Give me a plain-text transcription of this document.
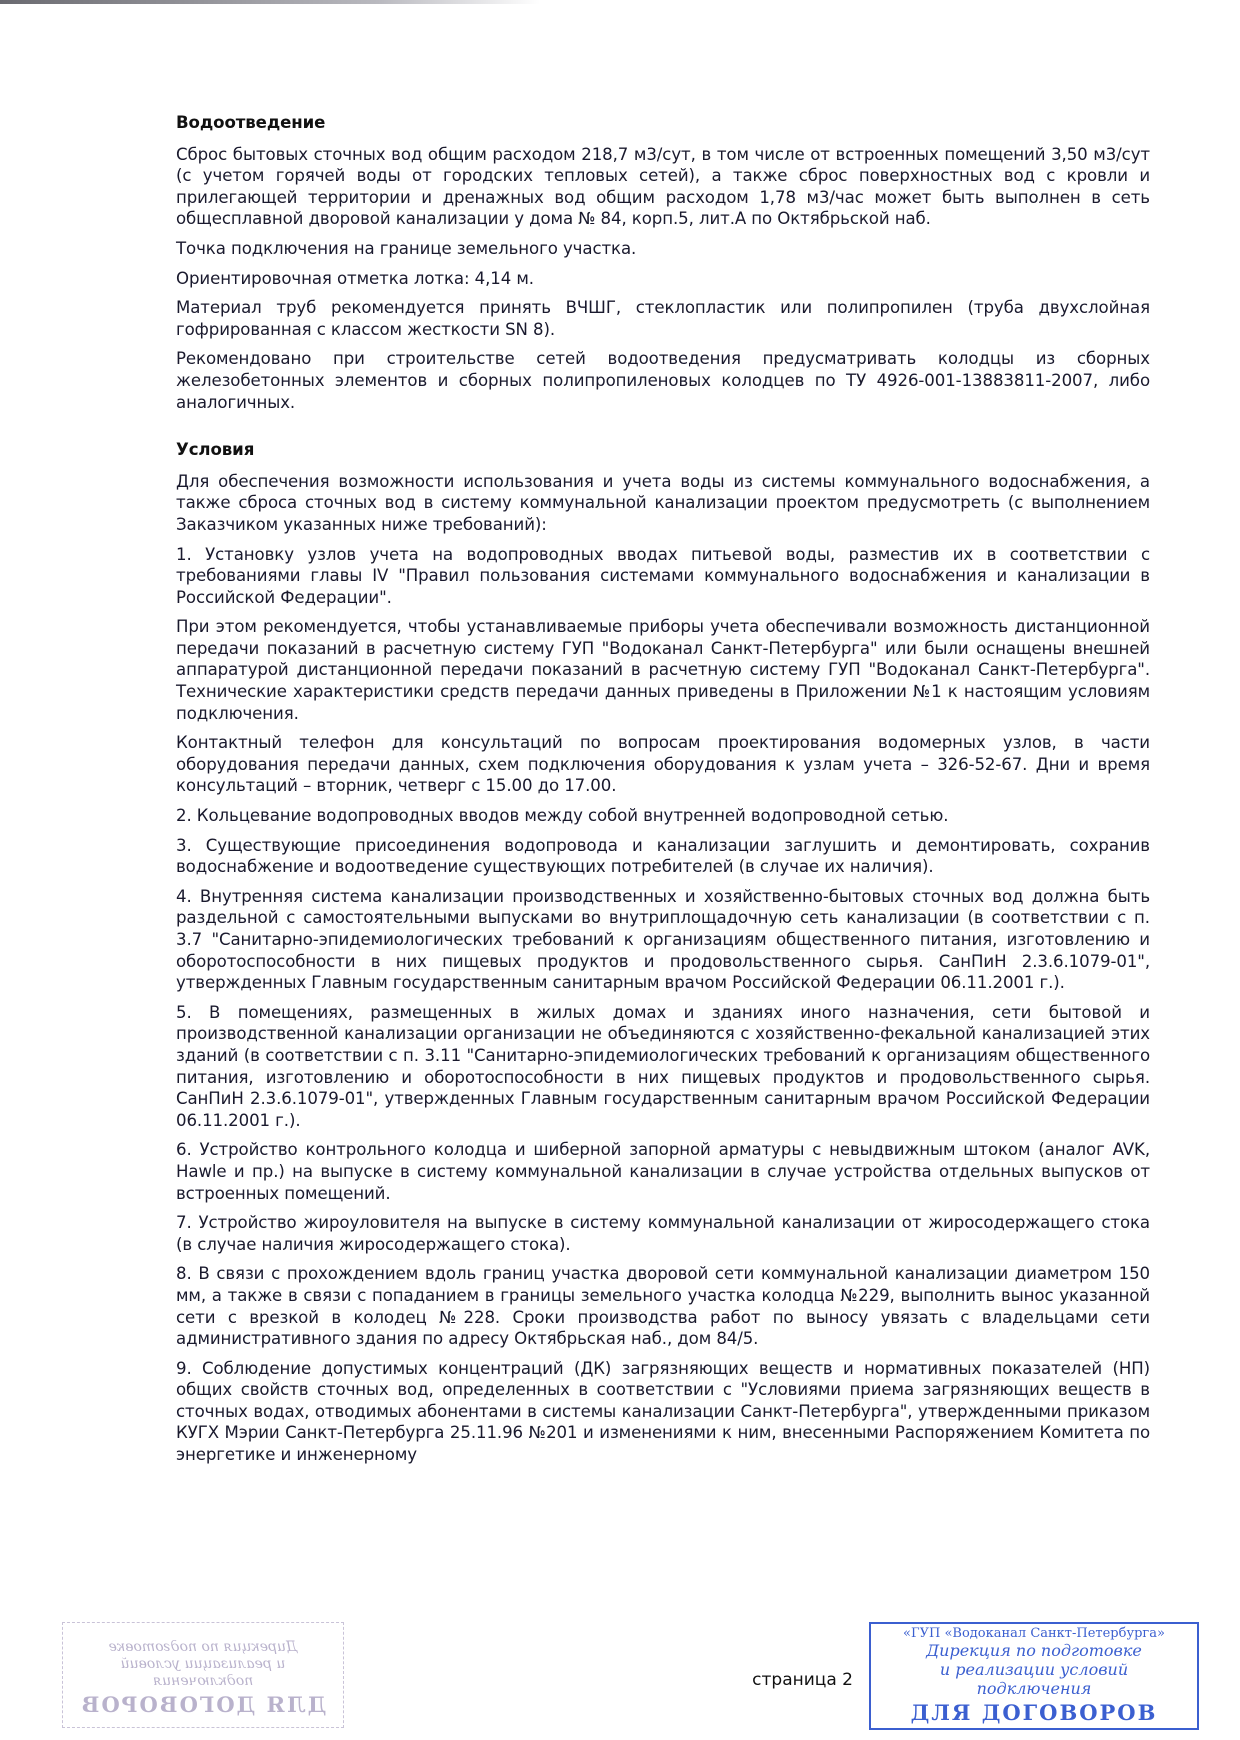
Водоотведение

Сброс бытовых сточных вод общим расходом 218,7 м3/сут, в том числе от встроенных помещений 3,50 м3/сут (с учетом горячей воды от городских тепловых сетей), а также сброс поверхностных вод с кровли и прилегающей территории и дренажных вод общим расходом 1,78 м3/час может быть выполнен в сеть общесплавной дворовой канализации у дома № 84, корп.5, лит.А по Октябрьской наб.

Точка подключения на границе земельного участка.

Ориентировочная отметка лотка: 4,14 м.

Материал труб рекомендуется принять ВЧШГ, стеклопластик или полипропилен (труба двухслойная гофрированная с классом жесткости SN 8).

Рекомендовано при строительстве сетей водоотведения предусматривать колодцы из сборных железобетонных элементов и сборных полипропиленовых колодцев по ТУ 4926-001-13883811-2007, либо аналогичных.

Условия

Для обеспечения возможности использования и учета воды из системы коммунального водоснабжения, а также сброса сточных вод в систему коммунальной канализации проектом предусмотреть (с выполнением Заказчиком указанных ниже требований):

1. Установку узлов учета на водопроводных вводах питьевой воды, разместив их в соответствии с требованиями главы IV "Правил пользования системами коммунального водоснабжения и канализации в Российской Федерации".

При этом рекомендуется, чтобы устанавливаемые приборы учета обеспечивали возможность дистанционной передачи показаний в расчетную систему ГУП "Водоканал Санкт-Петербурга" или были оснащены внешней аппаратурой дистанционной передачи показаний в расчетную систему ГУП "Водоканал Санкт-Петербурга". Технические характеристики средств передачи данных приведены в Приложении №1 к настоящим условиям подключения.

Контактный телефон для консультаций по вопросам проектирования водомерных узлов, в части оборудования передачи данных, схем подключения оборудования к узлам учета – 326-52-67. Дни и время консультаций – вторник, четверг с 15.00 до 17.00.

2. Кольцевание водопроводных вводов между собой внутренней водопроводной сетью.

3. Существующие присоединения водопровода и канализации заглушить и демонтировать, сохранив водоснабжение и водоотведение существующих потребителей (в случае их наличия).

4. Внутренняя система канализации производственных и хозяйственно-бытовых сточных вод должна быть раздельной с самостоятельными выпусками во внутриплощадочную сеть канализации (в соответствии с п. 3.7 "Санитарно-эпидемиологических требований к организациям общественного питания, изготовлению и оборотоспособности в них пищевых продуктов и продовольственного сырья. СанПиН 2.3.6.1079-01", утвержденных Главным государственным санитарным врачом Российской Федерации 06.11.2001 г.).

5. В помещениях, размещенных в жилых домах и зданиях иного назначения, сети бытовой и производственной канализации организации не объединяются с хозяйственно-фекальной канализацией этих зданий (в соответствии с п. 3.11 "Санитарно-эпидемиологических требований к организациям общественного питания, изготовлению и оборотоспособности в них пищевых продуктов и продовольственного сырья. СанПиН 2.3.6.1079-01", утвержденных Главным государственным санитарным врачом Российской Федерации 06.11.2001 г.).

6. Устройство контрольного колодца и шиберной запорной арматуры с невыдвижным штоком (аналог AVK, Hawle и пр.) на выпуске в систему коммунальной канализации в случае устройства отдельных выпусков от встроенных помещений.

7. Устройство жироуловителя на выпуске в систему коммунальной канализации от жиросодержащего стока (в случае наличия жиросодержащего стока).

8. В связи с прохождением вдоль границ участка дворовой сети коммунальной канализации диаметром 150 мм, а также в связи с попаданием в границы земельного участка колодца №229, выполнить вынос указанной сети с врезкой в колодец №228. Сроки производства работ по выносу увязать с владельцами сети административного здания по адресу Октябрьская наб., дом 84/5.

9. Соблюдение допустимых концентраций (ДК) загрязняющих веществ и нормативных показателей (НП) общих свойств сточных вод, определенных в соответствии с "Условиями приема загрязняющих веществ в сточных водах, отводимых абонентами в системы канализации Санкт-Петербурга", утвержденными приказом КУГХ Мэрии Санкт-Петербурга 25.11.96 №201 и изменениями к ним, внесенными Распоряжением Комитета по энергетике и инженерному

Дирекция по подготовке
и реализации условий
подключения
ДЛЯ ДОГОВОРОВ
страница 2
«ГУП «Водоканал Санкт-Петербурга»
Дирекция по подготовке
и реализации условий
подключения
ДЛЯ ДОГОВОРОВ
